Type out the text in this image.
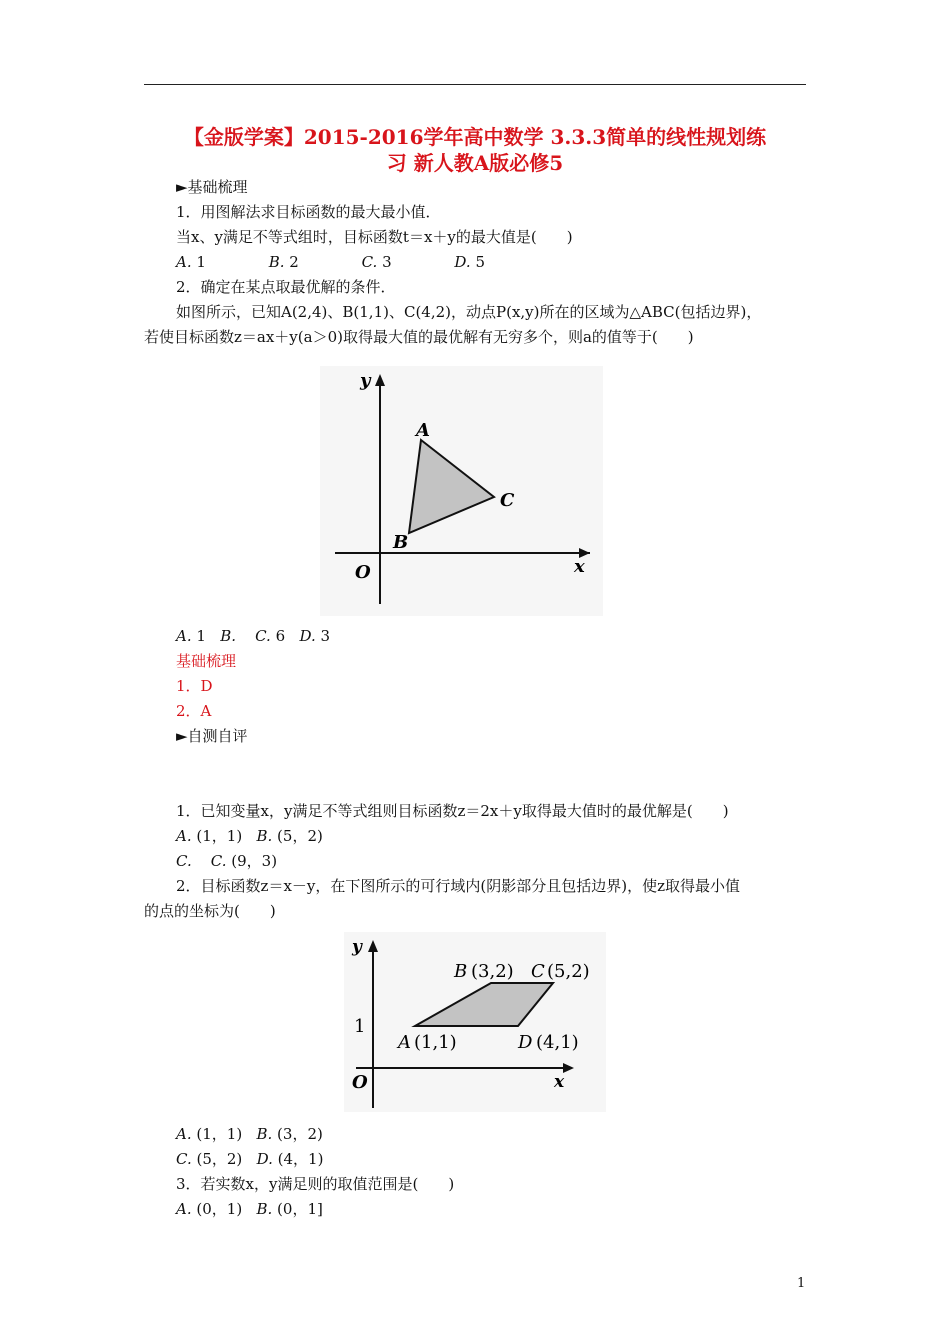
【金版学案】2015-2016学年高中数学 3.3.3简单的线性规划练
习 新人教A版必修5
►基础梳理
1．用图解法求目标函数的最大最小值．
当x、y满足不等式组时，目标函数t＝x＋y的最大值是(　　)
A. 1	B. 2	C. 3	D. 5
2．确定在某点取最优解的条件．
如图所示，已知A(2,4)、B(1,1)、C(4,2)，动点P(x,y)所在的区域为△ABC(包括边界)，
若使目标函数z＝ax＋y(a＞0)取得最大值的最优解有无穷多个，则a的值等于(　　)
y
x
O
A
B
C
A. 1 B. C. 6 D. 3
基础梳理
1．D
2．A
►自测自评
1．已知变量x，y满足不等式组则目标函数z＝2x＋y取得最大值时的最优解是(　　)
A. (1，1) B. (5，2)
C. C. (9，3)
2．目标函数z＝x－y，在下图所示的可行域内(阴影部分且包括边界)，使z取得最小值
的点的坐标为(　　)
y
x
O
1
A (1,1)
B (3,2) C (5,2)
D (4,1)
A. (1，1) B. (3，2)
C. (5，2) D. (4，1)
3．若实数x，y满足则的取值范围是(　　)
A. (0，1) B. (0，1]
1
